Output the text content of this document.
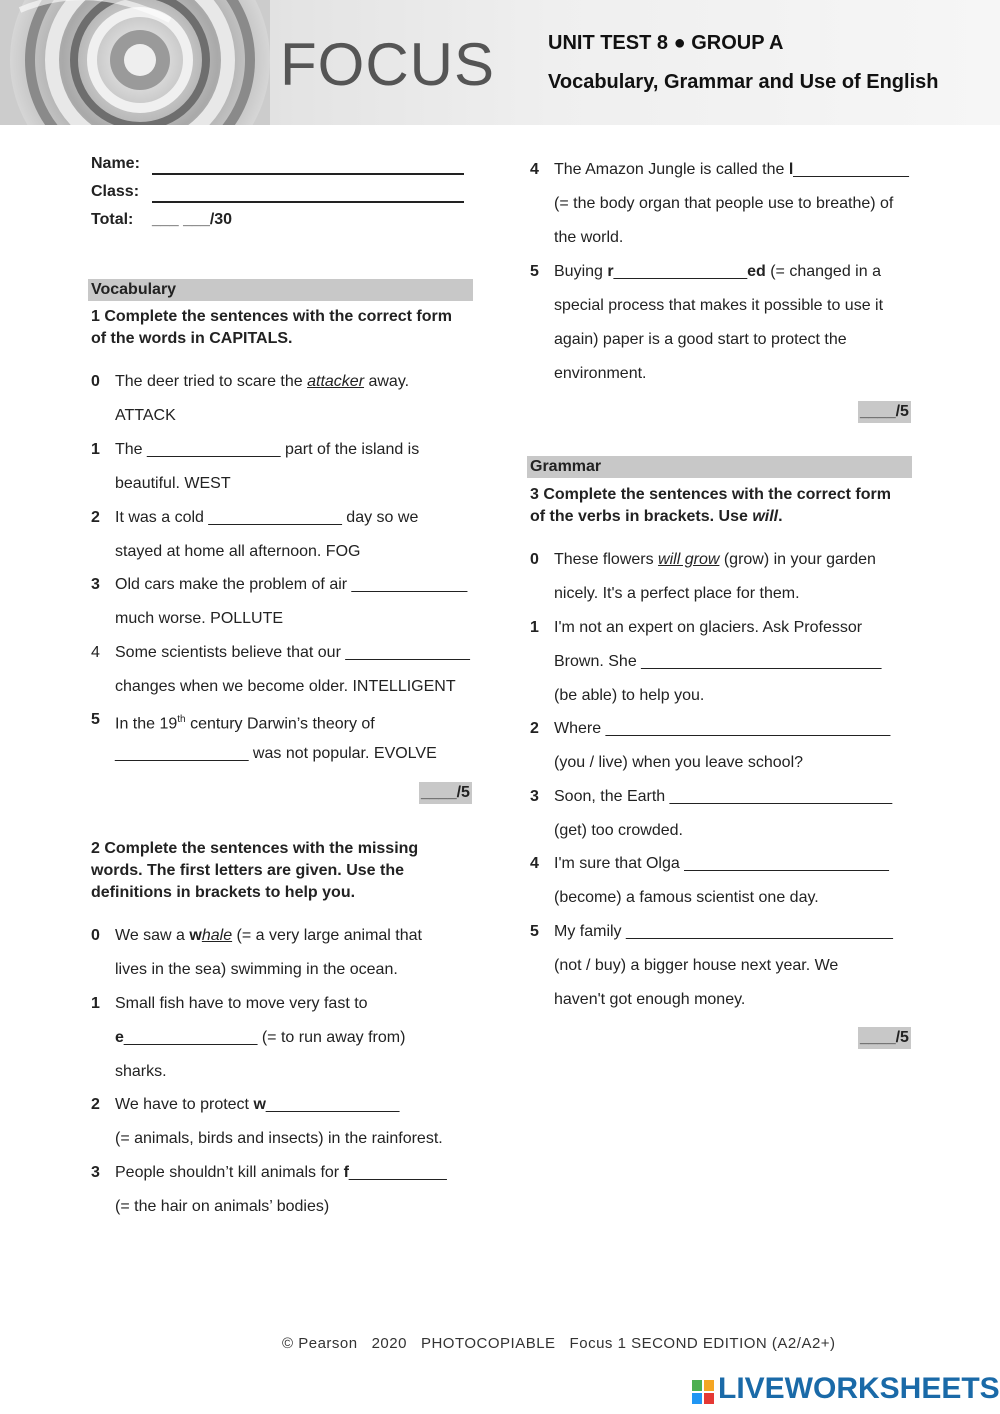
FOCUS	UNIT TEST 8 ● GROUP A
Vocabulary, Grammar and Use of English
Name:
Class:
Total: ___ ___/30
Vocabulary
1 Complete the sentences with the correct form
of the words in CAPITALS.
0 The deer tried to scare the attacker away.
ATTACK
1 The _______________ part of the island is
beautiful. WEST
2 It was a cold _______________ day so we
stayed at home all afternoon. FOG
3 Old cars make the problem of air _____________
much worse. POLLUTE
4 Some scientists believe that our ______________
changes when we become older. INTELLIGENT
5 In the 19th century Darwin’s theory of
_______________ was not popular. EVOLVE
____/5
2 Complete the sentences with the missing
words. The first letters are given. Use the
definitions in brackets to help you.
0 We saw a whale (= a very large animal that
lives in the sea) swimming in the ocean.
1 Small fish have to move very fast to
e_______________ (= to run away from)
sharks.
2 We have to protect w_______________
(= animals, birds and insects) in the rainforest.
3 People shouldn’t kill animals for f___________
(= the hair on animals’ bodies)
4 The Amazon Jungle is called the l_____________
(= the body organ that people use to breathe) of
the world.
5 Buying r_______________ed (= changed in a
special process that makes it possible to use it
again) paper is a good start to protect the
environment.
____/5
Grammar
3 Complete the sentences with the correct form
of the verbs in brackets. Use will.
0 These flowers will grow (grow) in your garden
nicely. It's a perfect place for them.
1 I'm not an expert on glaciers. Ask Professor
Brown. She ___________________________
(be able) to help you.
2 Where ________________________________
(you / live) when you leave school?
3 Soon, the Earth _________________________
(get) too crowded.
4 I'm sure that Olga _______________________
(become) a famous scientist one day.
5 My family ______________________________
(not / buy) a bigger house next year. We
haven't got enough money.
____/5
© Pearson   2020   PHOTOCOPIABLE   Focus 1 SECOND EDITION (A2/A2+)
LIVEWORKSHEETS
